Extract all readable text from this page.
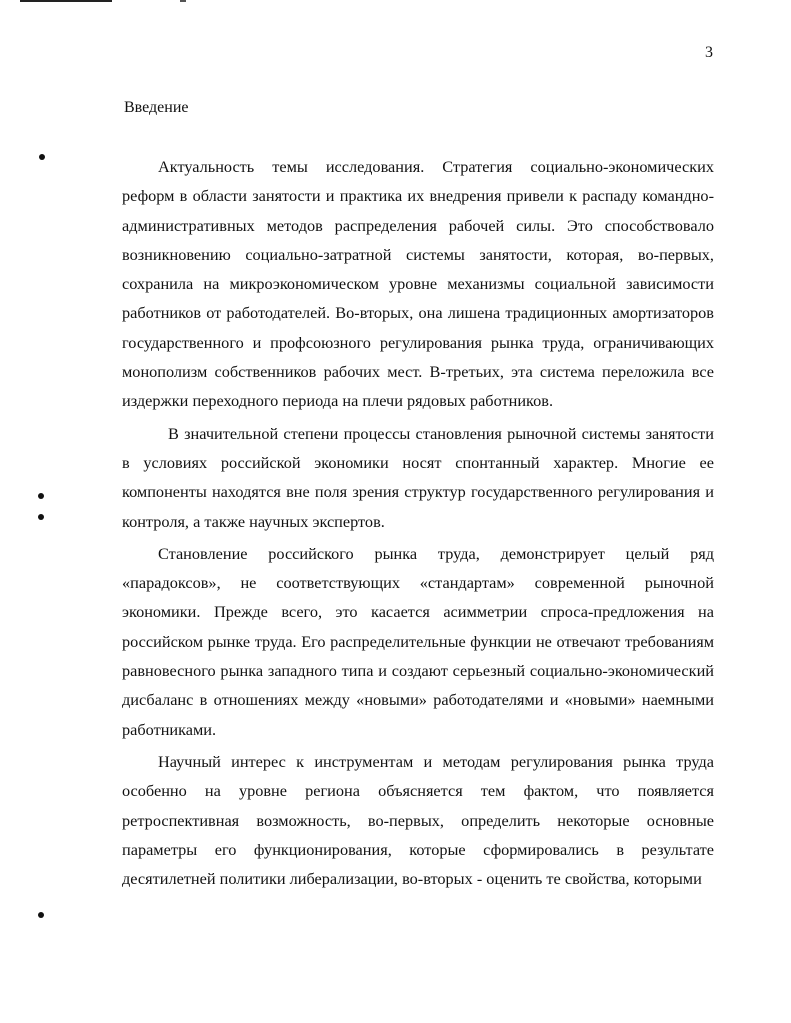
3
Введение

Актуальность темы исследования. Стратегия социально-экономических реформ в области занятости и практика их внедрения привели к распаду командно-административных методов распределения рабочей силы. Это способствовало возникновению социально-затратной системы занятости, которая, во-первых, сохранила на микроэкономическом уровне механизмы социальной зависимости работников от работодателей. Во-вторых, она лишена традиционных амортизаторов государственного и профсоюзного регулирования рынка труда, ограничивающих монополизм собственников рабочих мест. В-третьих, эта система переложила все издержки переходного периода на плечи рядовых работников.

В значительной степени процессы становления рыночной системы занятости в условиях российской экономики носят спонтанный характер. Многие ее компоненты находятся вне поля зрения структур государственного регулирования и контроля, а также научных экспертов.

Становление российского рынка труда, демонстрирует целый ряд «парадоксов», не соответствующих «стандартам» современной рыночной экономики. Прежде всего, это касается асимметрии спроса-предложения на российском рынке труда. Его распределительные функции не отвечают требованиям равновесного рынка западного типа и создают серьезный социально-экономический дисбаланс в отношениях между «новыми» работодателями и «новыми» наемными работниками.

Научный интерес к инструментам и методам регулирования рынка труда особенно на уровне региона объясняется тем фактом, что появляется ретроспективная возможность, во-первых, определить некоторые основные параметры его функционирования, которые сформировались в результате десятилетней политики либерализации, во-вторых - оценить те свойства, которыми
